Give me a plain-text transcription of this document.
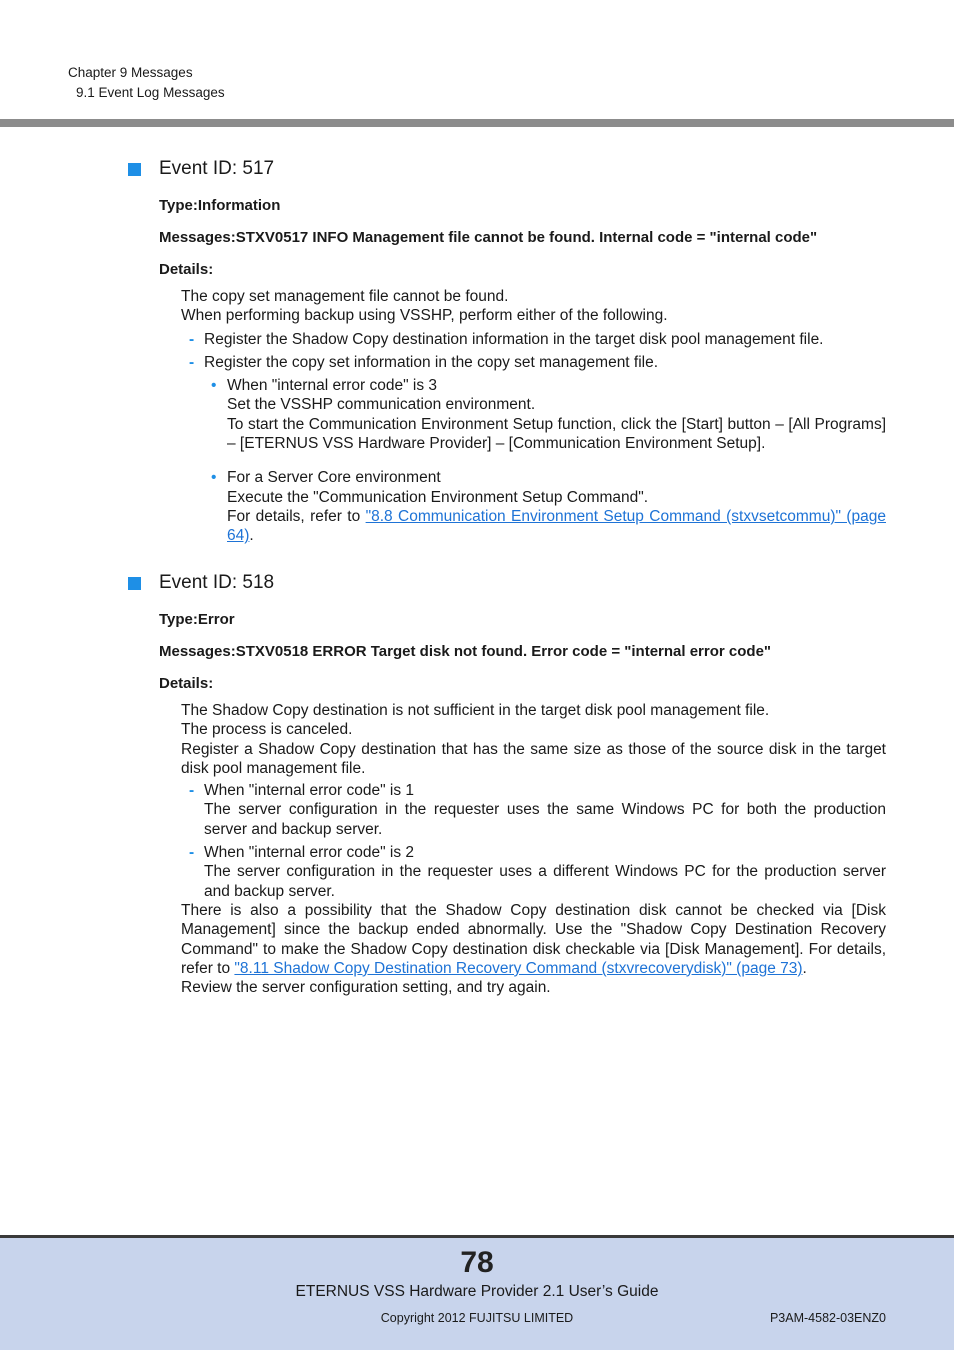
Chapter 9 Messages
9.1 Event Log Messages
Event ID: 517
Type:Information
Messages:STXV0517 INFO Management file cannot be found. Internal code = "internal code"
Details:

The copy set management file cannot be found.

When performing backup using VSSHP, perform either of the following.

- Register the Shadow Copy destination information in the target disk pool management file.
- Register the copy set information in the copy set management file.
• When "internal error code" is 3

Set the VSSHP communication environment.

To start the Communication Environment Setup function, click the [Start] button – [All Programs] – [ETERNUS VSS Hardware Provider] – [Communication Environment Setup].

• For a Server Core environment

Execute the "Communication Environment Setup Command".

For details, refer to "8.8 Communication Environment Setup Command (stxvsetcommu)" (page 64).

Event ID: 518
Type:Error
Messages:STXV0518 ERROR Target disk not found. Error code = "internal error code"
Details:

The Shadow Copy destination is not sufficient in the target disk pool management file.

The process is canceled.

Register a Shadow Copy destination that has the same size as those of the source disk in the target disk pool management file.

- When "internal error code" is 1

The server configuration in the requester uses the same Windows PC for both the production server and backup server.

- When "internal error code" is 2

The server configuration in the requester uses a different Windows PC for the production server and backup server.

There is also a possibility that the Shadow Copy destination disk cannot be checked via [Disk Management] since the backup ended abnormally. Use the "Shadow Copy Destination Recovery Command" to make the Shadow Copy destination disk checkable via [Disk Management]. For details, refer to "8.11 Shadow Copy Destination Recovery Command (stxvrecoverydisk)" (page 73).

Review the server configuration setting, and try again.

78
ETERNUS VSS Hardware Provider 2.1 User’s Guide
Copyright 2012 FUJITSU LIMITED	P3AM-4582-03ENZ0
